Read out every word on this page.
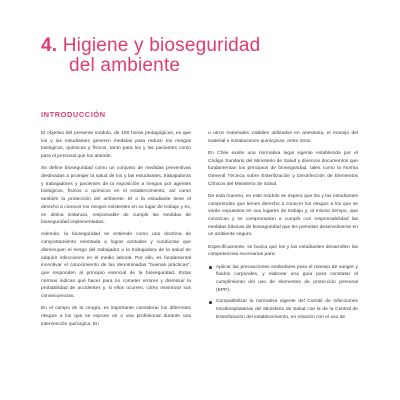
4. Higiene y bioseguridad
del ambiente
INTRODUCCIÓN

El objetivo del presente módulo, de 190 horas pedagógicas, es que los y las estudiantes generen medidas para reducir los riesgos biológicos, químicos y físicos, tanto para los y las pacientes como para el personal que los atiende.

Se define bioseguridad como un conjunto de medidas preventivas destinadas a proteger la salud de los y las estudiantes, trabajadoras y trabajadores y pacientes de la exposición a riesgos por agentes biológicos, físicos o químicos en el establecimiento, así como también la protección del ambiente. El o la estudiante tiene el derecho a conocer los riesgos existentes en su lugar de trabajo y es, en última instancia, responsable de cumplir las medidas de bioseguridad implementadas.

Además, la bioseguridad se entiende como una doctrina de comportamiento orientada a lograr actitudes y conductas que disminuyan el riesgo del trabajador o la trabajadora de la salud de adquirir infecciones en el medio laboral. Por ello, es fundamental incentivar el conocimiento de las denominadas "buenas prácticas", que responden al principio esencial de la bioseguridad. Estas normas indican qué hacer para no cometer errores y disminuir la probabilidad de accidentes y, si ellos ocurren, cómo minimizar sus consecuencias.

En el campo de la cirugía, es importante considerar los diferentes riesgos a los que se expone un o una profesional durante una intervención quirúrgica. En

u otros materiales volátiles utilizados en anestesia, el manejo del material e instalaciones quirúrgicas, entre otros.

En Chile existe una normativa legal vigente establecida por el Código Sanitario del Ministerio de Salud y diversos documentos que fundamentan los principios de bioseguridad, tales como la Norma General Técnica sobre Esterilización y Desinfección de Elementos Clínicos del Ministerio de Salud.

De esta manera, en este módulo se espera que los y las estudiantes comprendan que tienen derecho a conocer los riesgos a los que se verán expuestos en sus lugares de trabajo y, al mismo tiempo, que conozcan y se comprometan a cumplir con responsabilidad las medidas básicas de bioseguridad que les permitan desenvolverse en un ambiente seguro.

Específicamente, se busca que los y las estudiantes desarrollen las competencias necesarias para:

Aplicar las precauciones estándares para el manejo de sangre y fluidos corporales, y elaborar una guía para constatar el cumplimiento del uso de elementos de protección personal (EPP).
Compatibilizar la normativa vigente del Comité de Infecciones Intrahospitalarias del Ministerio de Salud con la de la Central de Esterilización del establecimiento, en relación con el uso de
